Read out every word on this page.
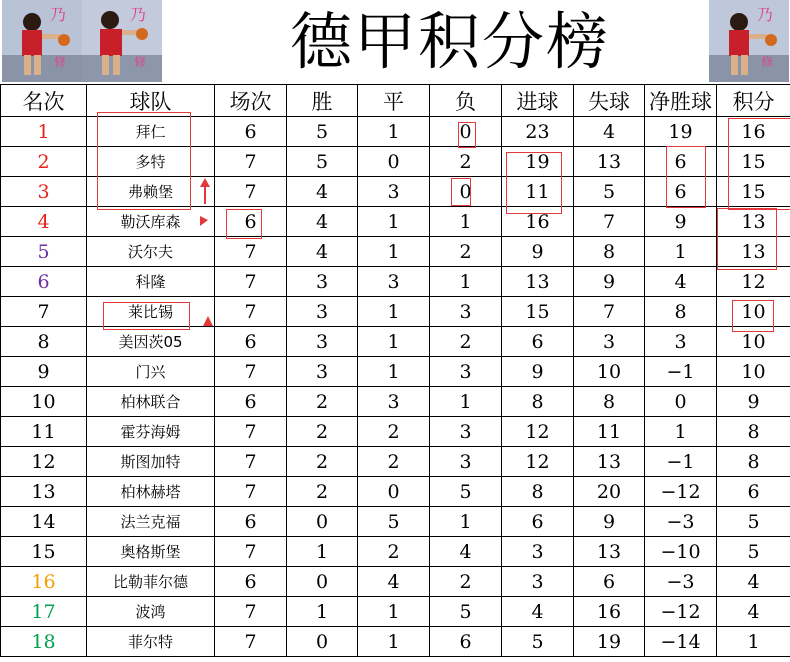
乃
修
乃
修	德甲积分榜	乃
修
名次	球队	场次	胜	平	负	进球	失球	净胜球	积分
1	拜仁	6	5	1	0	23	4	19	16
2	多特	7	5	0	2	19	13	6	15
3	弗赖堡	7	4	3	0	11	5	6	15
4	勒沃库森	6	4	1	1	16	7	9	13
5	沃尔夫	7	4	1	2	9	8	1	13
6	科隆	7	3	3	1	13	9	4	12
7	莱比锡	7	3	1	3	15	7	8	10
8	美因茨05	6	3	1	2	6	3	3	10
9	门兴	7	3	1	3	9	10	−1	10
10	柏林联合	6	2	3	1	8	8	0	9
11	霍芬海姆	7	2	2	3	12	11	1	8
12	斯图加特	7	2	2	3	12	13	−1	8
13	柏林赫塔	7	2	0	5	8	20	−12	6
14	法兰克福	6	0	5	1	6	9	−3	5
15	奥格斯堡	7	1	2	4	3	13	−10	5
16	比勒菲尔德	6	0	4	2	3	6	−3	4
17	波鸿	7	1	1	5	4	16	−12	4
18	菲尔特	7	0	1	6	5	19	−14	1
